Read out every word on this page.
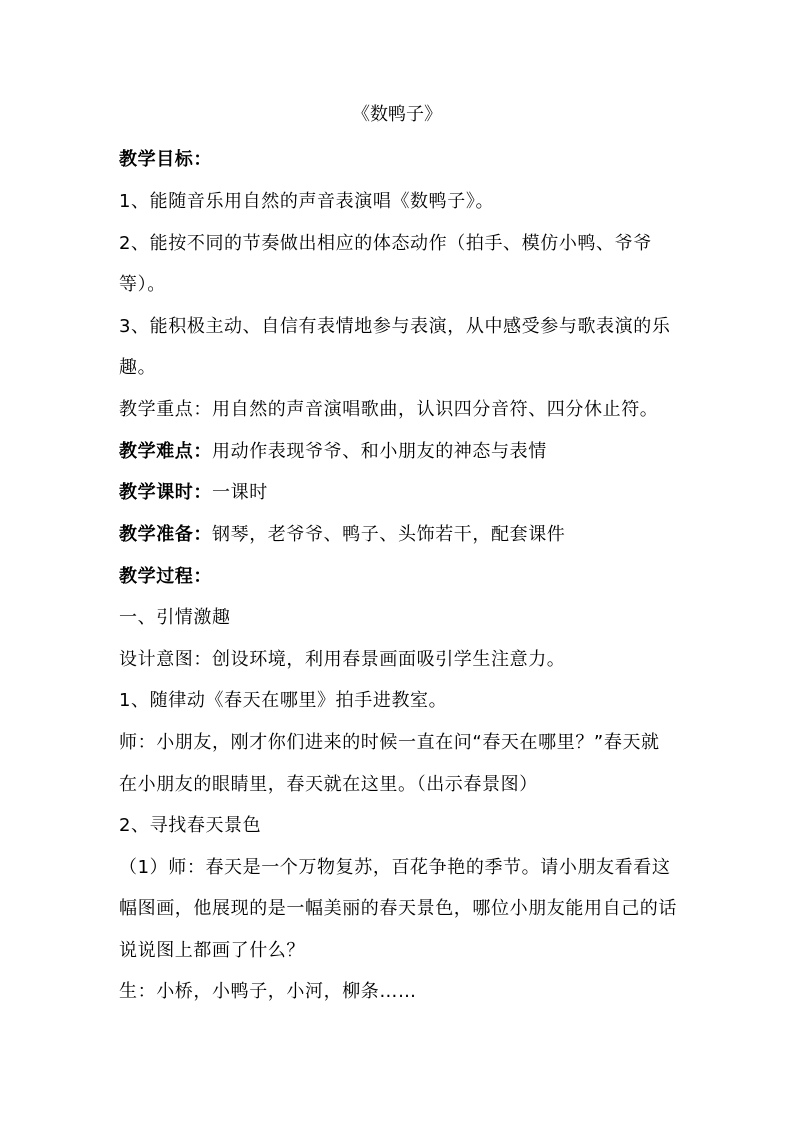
《数鸭子》
教学目标：
1、能随音乐用自然的声音表演唱《数鸭子》。
2、能按不同的节奏做出相应的体态动作（拍手、模仿小鸭、爷爷
等）。
3、能积极主动、自信有表情地参与表演，从中感受参与歌表演的乐
趣。
教学重点：用自然的声音演唱歌曲，认识四分音符、四分休止符。
教学难点：用动作表现爷爷、和小朋友的神态与表情
教学课时：一课时
教学准备：钢琴，老爷爷、鸭子、头饰若干，配套课件
教学过程：
一、引情激趣
设计意图：创设环境，利用春景画面吸引学生注意力。
1、随律动《春天在哪里》拍手进教室。
师：小朋友，刚才你们进来的时候一直在问“春天在哪里？”春天就
在小朋友的眼睛里，春天就在这里。（出示春景图）
2、寻找春天景色
（1）师：春天是一个万物复苏，百花争艳的季节。请小朋友看看这
幅图画，他展现的是一幅美丽的春天景色，哪位小朋友能用自己的话
说说图上都画了什么？
生：小桥，小鸭子，小河，柳条……
